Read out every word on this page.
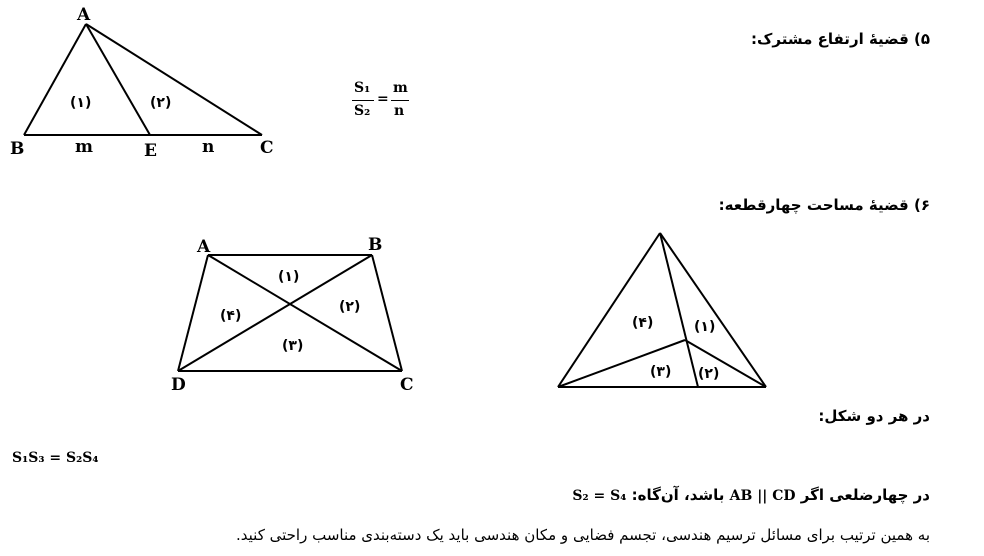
۵) قضیهٔ ارتفاع مشترک:
S₁
S₂
=
m
n
A
B	E	C
m	n
(۱)	(۲)
A	B
C
D
(۱)
(۲)
(۳)
(۴)	(۴)	(۱)
(۳) (۲)
۶) قضیهٔ مساحت چهارقطعه:
در هر دو شکل:
S₁S₃ = S₂S₄
در چهارضلعی اگر AB || CD باشد، آن‌گاه: S₂ = S₄
به همین ترتیب برای مسائل ترسیم هندسی، تجسم فضایی و مکان هندسی باید یک دسته‌بندی مناسب راحتی کنید.
